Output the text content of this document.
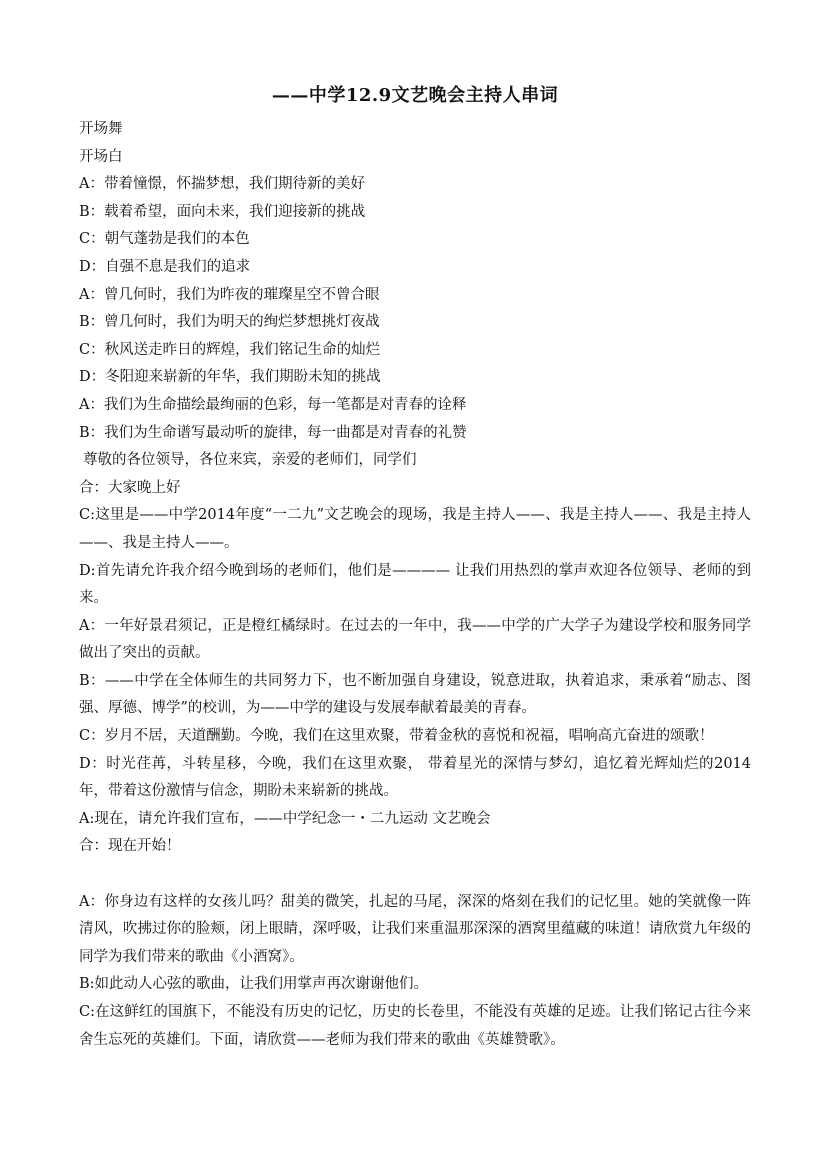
——中学12.9文艺晚会主持人串词
开场舞
开场白
A：带着憧憬，怀揣梦想，我们期待新的美好
B：载着希望，面向未来，我们迎接新的挑战
C：朝气蓬勃是我们的本色
D：自强不息是我们的追求
A：曾几何时，我们为昨夜的璀璨星空不曾合眼
B：曾几何时，我们为明天的绚烂梦想挑灯夜战
C：秋风送走昨日的辉煌，我们铭记生命的灿烂
D：冬阳迎来崭新的年华，我们期盼未知的挑战
A：我们为生命描绘最绚丽的色彩，每一笔都是对青春的诠释
B：我们为生命谱写最动听的旋律，每一曲都是对青春的礼赞
尊敬的各位领导，各位来宾，亲爱的老师们，同学们
合：大家晚上好
C:这里是——中学2014年度“一二九”文艺晚会的现场，我是主持人——、我是主持人——、我是主持人——、我是主持人——。
D:首先请允许我介绍今晚到场的老师们，他们是———— 让我们用热烈的掌声欢迎各位领导、老师的到来。
A：一年好景君须记，正是橙红橘绿时。在过去的一年中，我——中学的广大学子为建设学校和服务同学做出了突出的贡献。
B：——中学在全体师生的共同努力下，也不断加强自身建设，锐意进取，执着追求，秉承着“励志、图强、厚德、博学”的校训，为——中学的建设与发展奉献着最美的青春。
C：岁月不居，天道酬勤。今晚，我们在这里欢聚，带着金秋的喜悦和祝福，唱响高亢奋进的颂歌！
D：时光荏苒，斗转星移，今晚，我们在这里欢聚， 带着星光的深情与梦幻，追忆着光辉灿烂的2014年，带着这份激情与信念，期盼未来崭新的挑战。
A:现在，请允许我们宣布，——中学纪念一・二九运动 文艺晚会
合：现在开始！
A：你身边有这样的女孩儿吗？甜美的微笑，扎起的马尾，深深的烙刻在我们的记忆里。她的笑就像一阵清风，吹拂过你的脸颊，闭上眼睛，深呼吸，让我们来重温那深深的酒窝里蕴藏的味道！请欣赏九年级的同学为我们带来的歌曲《小酒窝》。
B:如此动人心弦的歌曲，让我们用掌声再次谢谢他们。
C:在这鲜红的国旗下，不能没有历史的记忆，历史的长卷里，不能没有英雄的足迹。让我们铭记古往今来舍生忘死的英雄们。下面，请欣赏——老师为我们带来的歌曲《英雄赞歌》。
